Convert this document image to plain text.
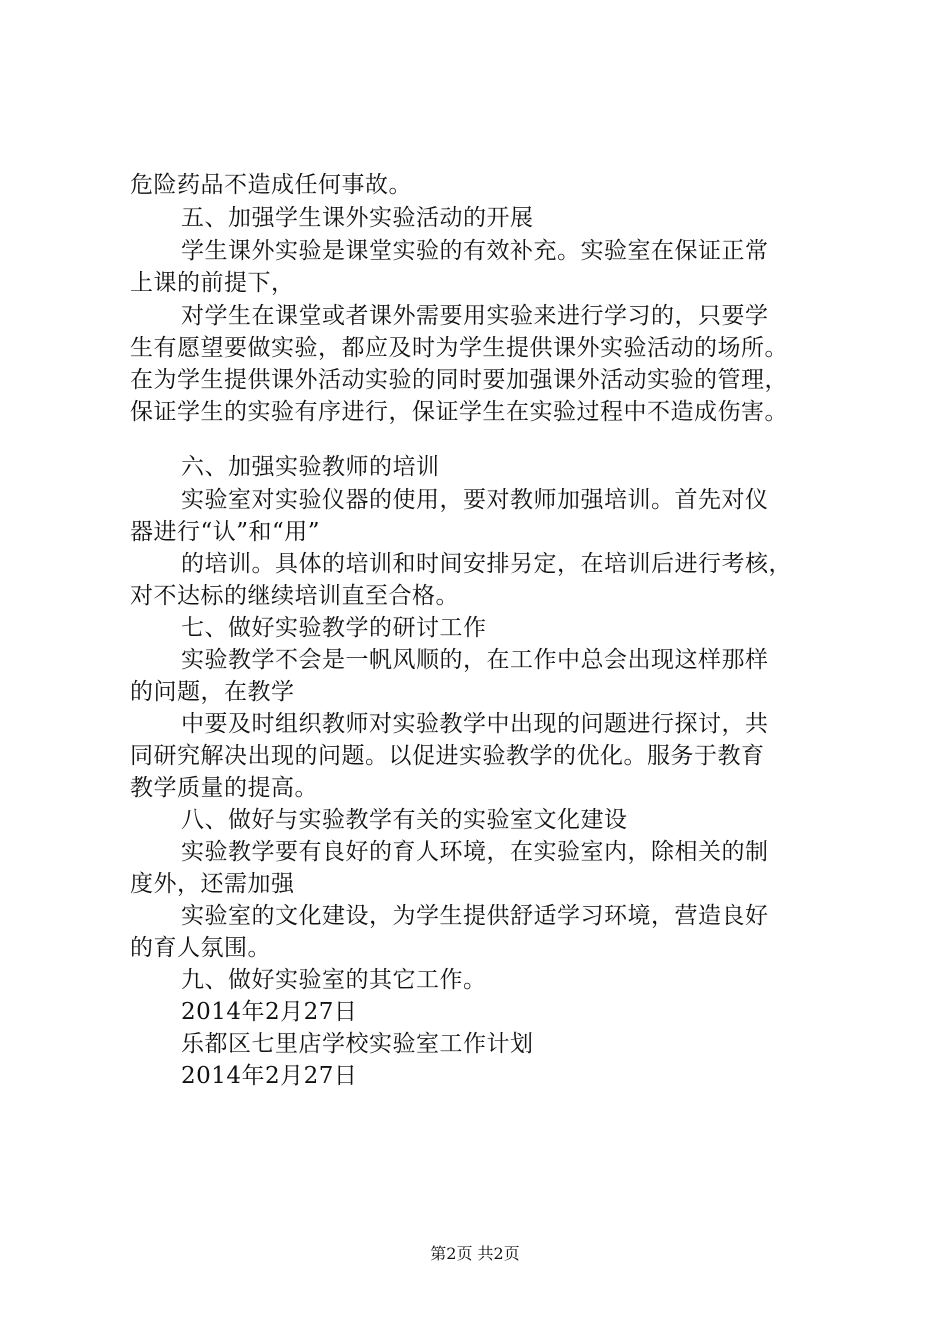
危险药品不造成任何事故。
五、加强学生课外实验活动的开展
学生课外实验是课堂实验的有效补充。实验室在保证正常
上课的前提下，
对学生在课堂或者课外需要用实验来进行学习的，只要学
生有愿望要做实验，都应及时为学生提供课外实验活动的场所。
在为学生提供课外活动实验的同时要加强课外活动实验的管理，
保证学生的实验有序进行，保证学生在实验过程中不造成伤害。
六、加强实验教师的培训
实验室对实验仪器的使用，要对教师加强培训。首先对仪
器进行“认”和“用”
的培训。具体的培训和时间安排另定，在培训后进行考核，
对不达标的继续培训直至合格。
七、做好实验教学的研讨工作
实验教学不会是一帆风顺的，在工作中总会出现这样那样
的问题，在教学
中要及时组织教师对实验教学中出现的问题进行探讨，共
同研究解决出现的问题。以促进实验教学的优化。服务于教育
教学质量的提高。
八、做好与实验教学有关的实验室文化建设
实验教学要有良好的育人环境，在实验室内，除相关的制
度外，还需加强
实验室的文化建设，为学生提供舒适学习环境，营造良好
的育人氛围。
九、做好实验室的其它工作。
2014年2月27日
乐都区七里店学校实验室工作计划
2014年2月27日
第2页 共2页
